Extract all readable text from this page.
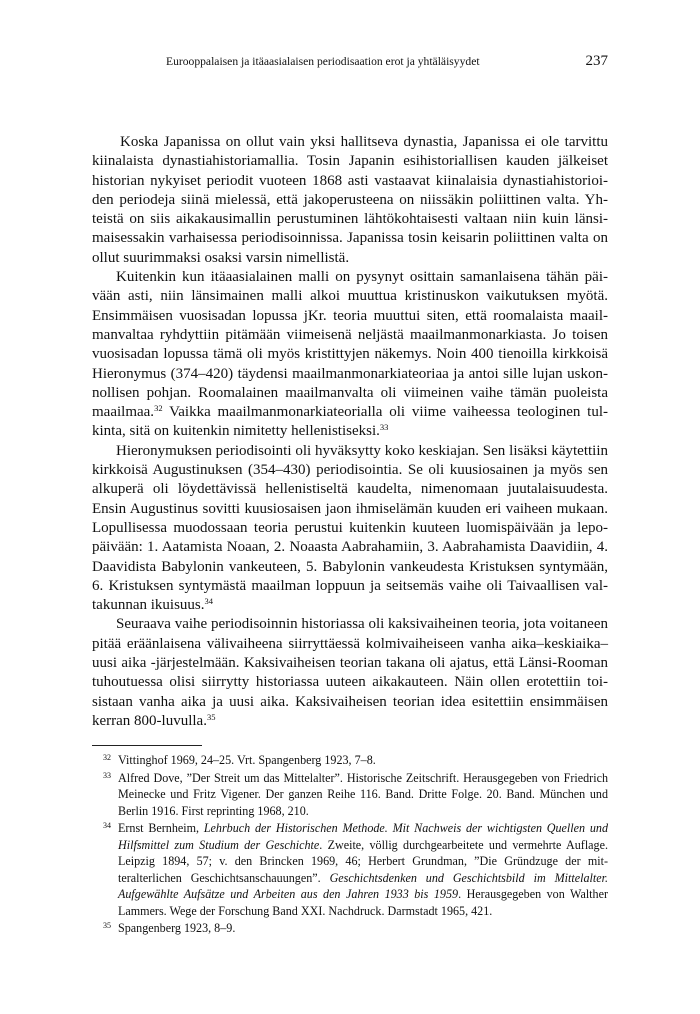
Eurooppalaisen ja itäaasialaisen periodisaation erot ja yhtäläisyydet	237

Koska Japanissa on ollut vain yksi hallitseva dynastia, Japanissa ei ole tarvittu kiinalaista dynastiahistoriamallia. Tosin Japanin esihistoriallisen kauden jälkeiset historian nykyiset periodit vuoteen 1868 asti vastaavat kiinalaisia dynastiahistorioiden periodeja siinä mielessä, että jakoperusteena on niissäkin poliittinen valta. Yhteistä on siis aikakausimallin perustuminen lähtökohtaisesti valtaan niin kuin länsimaisessakin varhaisessa periodisoinnissa. Japanissa tosin keisarin poliittinen valta on ollut suurimmaksi osaksi varsin nimellistä.

Kuitenkin kun itäaasialainen malli on pysynyt osittain samanlaisena tähän päivään asti, niin länsimainen malli alkoi muuttua kristinuskon vaikutuksen myötä. Ensimmäisen vuosisadan lopussa jKr. teoria muuttui siten, että roomalaista maailmanvaltaa ryhdyttiin pitämään viimeisenä neljästä maailmanmonarkiasta. Jo toisen vuosisadan lopussa tämä oli myös kristittyjen näkemys. Noin 400 tienoilla kirkkoisä Hieronymus (374–420) täydensi maailmanmonarkiateoriaa ja antoi sille lujan uskonnollisen pohjan. Roomalainen maailmanvalta oli viimeinen vaihe tämän puoleista maailmaa.$^{32}$ Vaikka maailmanmonarkiateorialla oli viime vaiheessa teologinen tulkinta, sitä on kuitenkin nimitetty hellenistiseksi.$^{33}$

Hieronymuksen periodisointi oli hyväksytty koko keskiajan. Sen lisäksi käytettiin kirkkoisä Augustinuksen (354–430) periodisointia. Se oli kuusiosainen ja myös sen alkuperä oli löydettävissä hellenistiseltä kaudelta, nimenomaan juutalaisuudesta. Ensin Augustinus sovitti kuusiosaisen jaon ihmiselämän kuuden eri vaiheen mukaan. Lopullisessa muodossaan teoria perustui kuitenkin kuuteen luomispäivään ja lepopäivään: 1. Aatamista Noaan, 2. Noaasta Aabrahamiin, 3. Aabrahamista Daavidiin, 4. Daavidista Babylonin vankeuteen, 5. Babylonin vankeudesta Kristuksen syntymään, 6. Kristuksen syntymästä maailman loppuun ja seitsemäs vaihe oli Taivaallisen valtakunnan ikuisuus.$^{34}$

Seuraava vaihe periodisoinnin historiassa oli kaksivaiheinen teoria, jota voitaneen pitää eräänlaisena välivaiheena siirryttäessä kolmivaiheiseen vanha aika–keskiaika–uusi aika -järjestelmään. Kaksivaiheisen teorian takana oli ajatus, että Länsi-Rooman tuhoutuessa olisi siirrytty historiassa uuteen aikakauteen. Näin ollen erotettiin toisistaan vanha aika ja uusi aika. Kaksivaiheisen teorian idea esitettiin ensimmäisen kerran 800-luvulla.$^{35}$

32 Vittinghof 1969, 24–25. Vrt. Spangenberg 1923, 7–8.

33 Alfred Dove, ”Der Streit um das Mittelalter”. Historische Zeitschrift. Herausgegeben von Friedrich Meinecke und Fritz Vigener. Der ganzen Reihe 116. Band. Dritte Folge. 20. Band. München und Berlin 1916. First reprinting 1968, 210.

34 Ernst Bernheim, Lehrbuch der Historischen Methode. Mit Nachweis der wichtigsten Quellen und Hilfsmittel zum Studium der Geschichte. Zweite, völlig durchgearbeitete und vermehrte Auflage. Leipzig 1894, 57; v. den Brincken 1969, 46; Herbert Grundman, ”Die Gründzuge der mitteralterlichen Geschichtsanschauungen”. Geschichtsdenken und Geschichtsbild im Mittelalter. Aufgewählte Aufsätze und Arbeiten aus den Jahren 1933 bis 1959. Herausgegeben von Walther Lammers. Wege der Forschung Band XXI. Nachdruck. Darmstadt 1965, 421.

35 Spangenberg 1923, 8–9.
